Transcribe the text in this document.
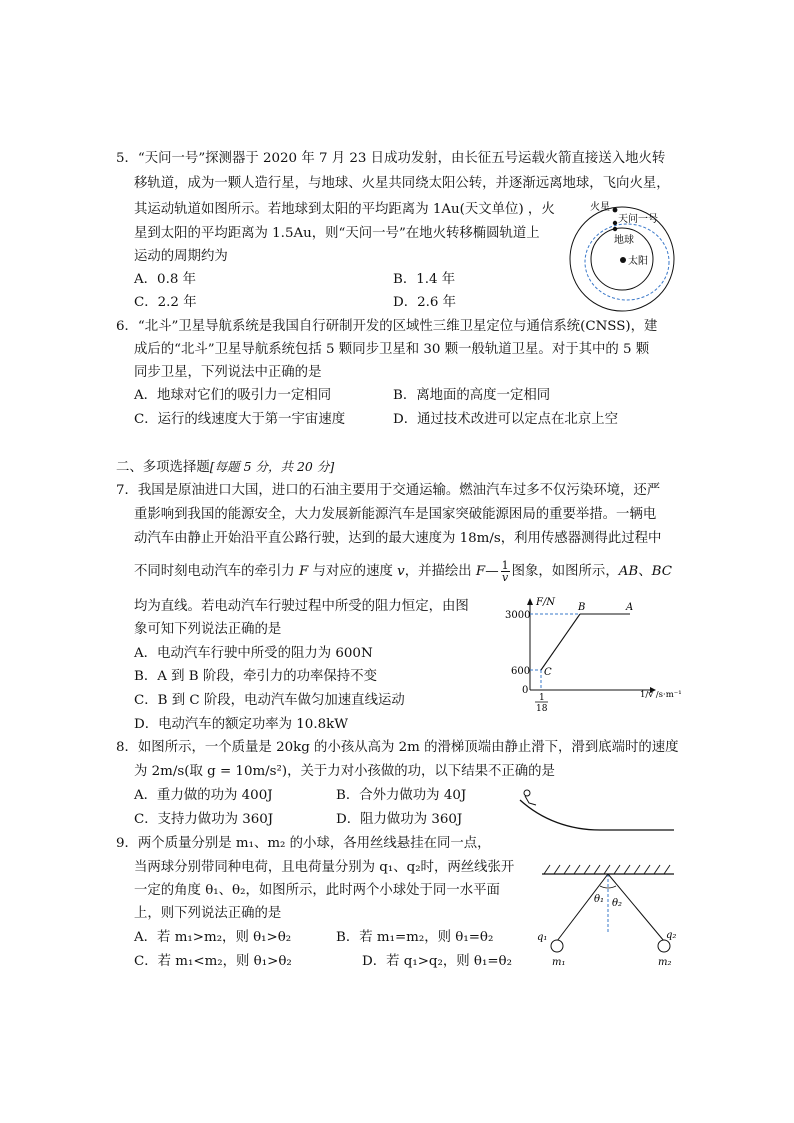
5．“天问一号”探测器于 2020 年 7 月 23 日成功发射，由长征五号运载火箭直接送入地火转
移轨道，成为一颗人造行星，与地球、火星共同绕太阳公转，并逐渐远离地球，飞向火星，
其运动轨道如图所示。若地球到太阳的平均距离为 1Au(天文单位) ，火
星到太阳的平均距离为 1.5Au，则“天问一号”在地火转移椭圆轨道上
运动的周期约为
A．0.8 年	B．1.4 年
C．2.2 年	D．2.6 年
火星
天问一号
地球
太阳
6．“北斗”卫星导航系统是我国自行研制开发的区域性三维卫星定位与通信系统(CNSS)，建
成后的“北斗”卫星导航系统包括 5 颗同步卫星和 30 颗一般轨道卫星。对于其中的 5 颗
同步卫星，下列说法中正确的是
A．地球对它们的吸引力一定相同	B．离地面的高度一定相同
C．运行的线速度大于第一宇宙速度	D．通过技术改进可以定点在北京上空
二、多项选择题[每题 5 分，共 20 分]
7．我国是原油进口大国，进口的石油主要用于交通运输。燃油汽车过多不仅污染环境，还严
重影响到我国的能源安全，大力发展新能源汽车是国家突破能源困局的重要举措。一辆电
动汽车由静止开始沿平直公路行驶，达到的最大速度为 18m/s，利用传感器测得此过程中
不同时刻电动汽车的牵引力 F 与对应的速度 v，并描绘出 F— $\frac{1}{v}$ 图象，如图所示，AB、BC
均为直线。若电动汽车行驶过程中所受的阻力恒定，由图
象可知下列说法正确的是
A．电动汽车行驶中所受的阻力为 600N
B．A 到 B 阶段，牵引力的功率保持不变
C．B 到 C 阶段，电动汽车做匀加速直线运动
D．电动汽车的额定功率为 10.8kW
F/N
3000
600
0
1
18
1/v /s·m⁻¹
B	A
C
8．如图所示，一个质量是 20kg 的小孩从高为 2m 的滑梯顶端由静止滑下，滑到底端时的速度
为 2m/s(取 g = 10m/s²)，关于力对小孩做的功，以下结果不正确的是
A．重力做的功为 400J	B．合外力做功为 40J
C．支持力做功为 360J	D．阻力做功为 360J
9．两个质量分别是 m₁、m₂ 的小球，各用丝线悬挂在同一点，
当两球分别带同种电荷，且电荷量分别为 q₁、q₂时，两丝线张开
一定的角度 θ₁、θ₂，如图所示，此时两个小球处于同一水平面
上，则下列说法正确的是
A．若 m₁>m₂，则 θ₁>θ₂	B．若 m₁=m₂，则 θ₁=θ₂
C．若 m₁<m₂，则 θ₁>θ₂	D．若 q₁>q₂，则 θ₁=θ₂
θ₁ θ₂
q₁	q₂
m₁	m₂
